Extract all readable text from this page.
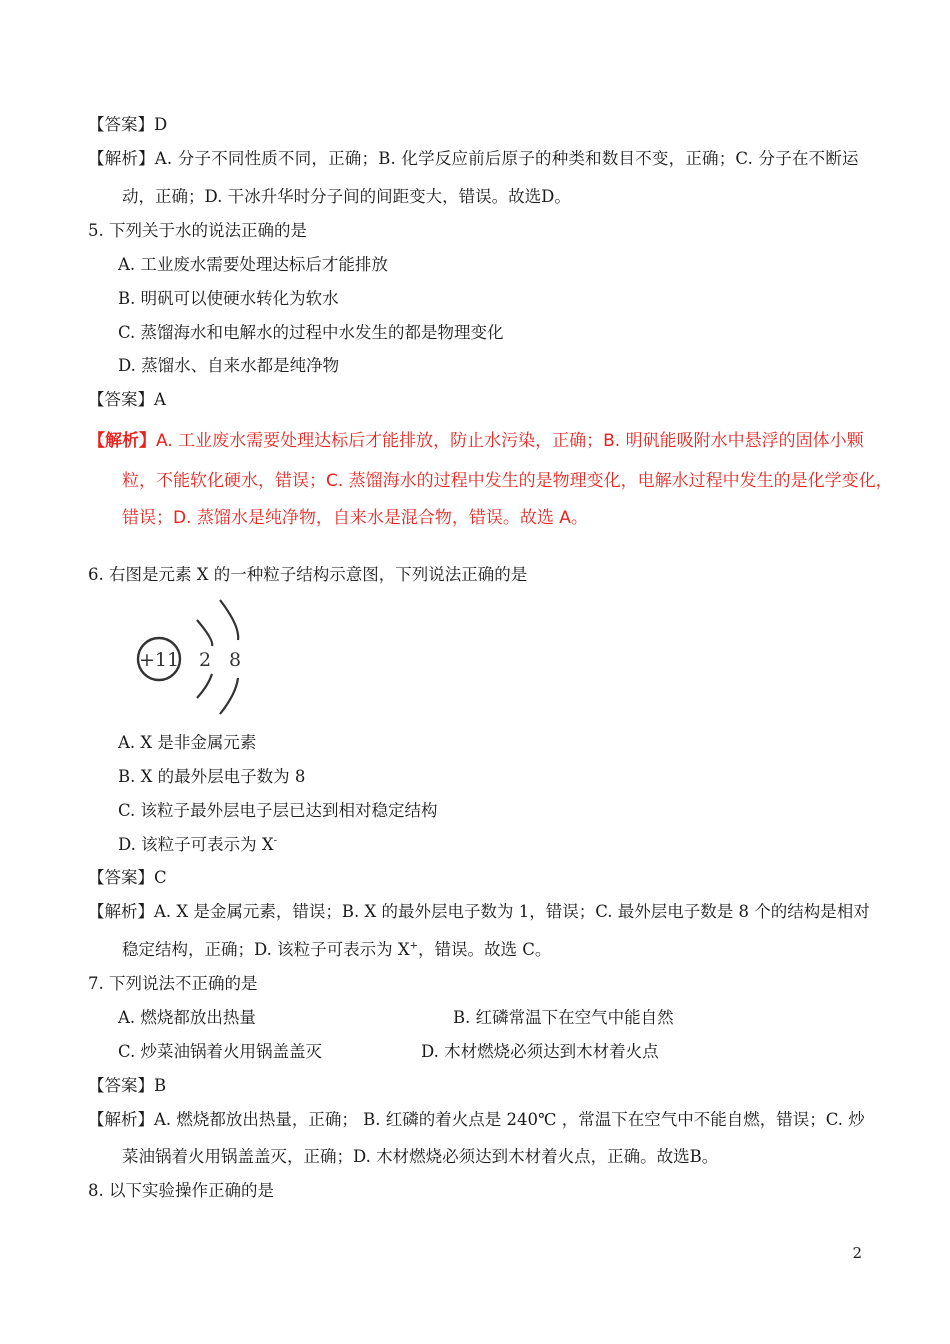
【答案】D
【解析】A. 分子不同性质不同，正确；B. 化学反应前后原子的种类和数目不变，正确；C. 分子在不断运
动，正确；D. 干冰升华时分子间的间距变大，错误。故选D。
5. 下列关于水的说法正确的是
A. 工业废水需要处理达标后才能排放
B. 明矾可以使硬水转化为软水
C. 蒸馏海水和电解水的过程中水发生的都是物理变化
D. 蒸馏水、自来水都是纯净物
【答案】A
【解析】A. 工业废水需要处理达标后才能排放，防止水污染，正确；B. 明矾能吸附水中悬浮的固体小颗
粒，不能软化硬水，错误；C. 蒸馏海水的过程中发生的是物理变化，电解水过程中发生的是化学变化，
错误；D. 蒸馏水是纯净物，自来水是混合物，错误。故选 A。
6. 右图是元素 X 的一种粒子结构示意图，下列说法正确的是
+11 2 8
A. X 是非金属元素
B. X 的最外层电子数为 8
C. 该粒子最外层电子层已达到相对稳定结构
D. 该粒子可表示为 X-
【答案】C
【解析】A. X 是金属元素，错误；B. X 的最外层电子数为 1，错误；C. 最外层电子数是 8 个的结构是相对
稳定结构，正确；D. 该粒子可表示为 X+，错误。故选 C。
7. 下列说法不正确的是
A. 燃烧都放出热量	B. 红磷常温下在空气中能自然
C. 炒菜油锅着火用锅盖盖灭	D. 木材燃烧必须达到木材着火点
【答案】B
【解析】A. 燃烧都放出热量，正确； B. 红磷的着火点是 240℃ ，常温下在空气中不能自燃，错误；C. 炒
菜油锅着火用锅盖盖灭，正确；D. 木材燃烧必须达到木材着火点，正确。故选B。
8. 以下实验操作正确的是
2
